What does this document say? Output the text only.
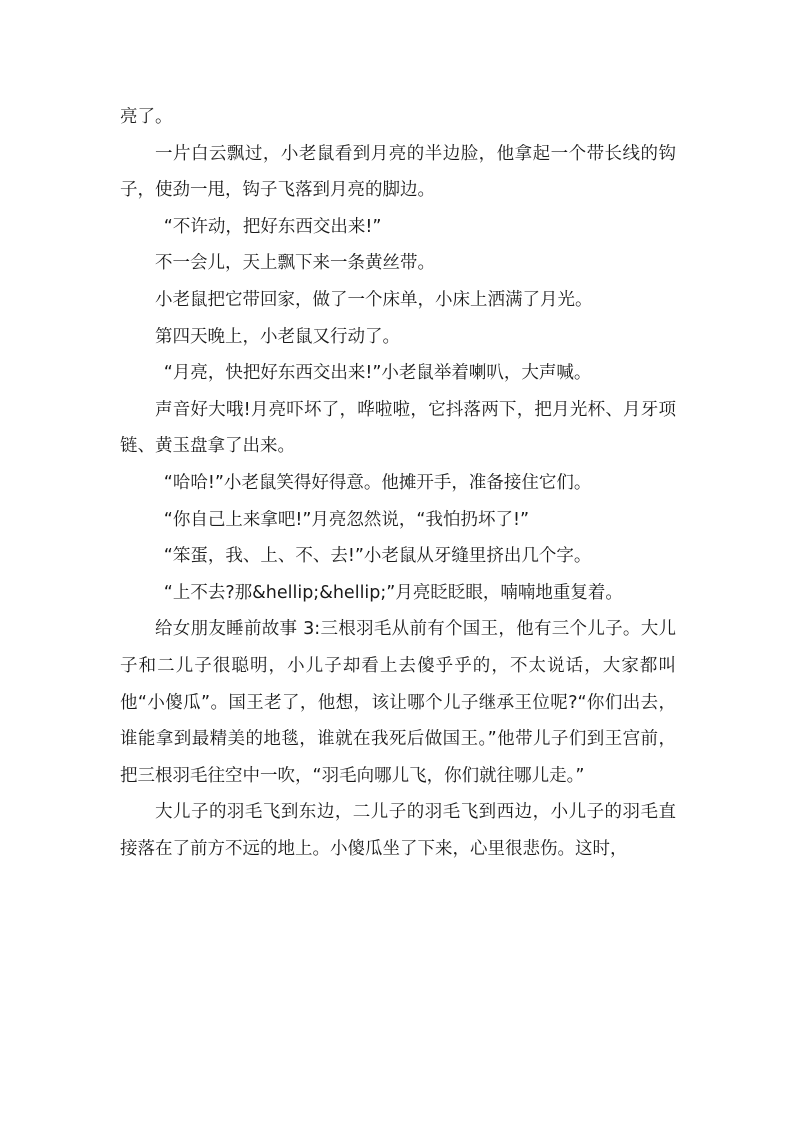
亮了。

一片白云飘过，小老鼠看到月亮的半边脸，他拿起一个带长线的钩子，使劲一甩，钩子飞落到月亮的脚边。

“不许动，把好东西交出来!”

不一会儿，天上飘下来一条黄丝带。

小老鼠把它带回家，做了一个床单，小床上洒满了月光。

第四天晚上，小老鼠又行动了。

“月亮，快把好东西交出来!”小老鼠举着喇叭，大声喊。

声音好大哦!月亮吓坏了，哗啦啦，它抖落两下，把月光杯、月牙项链、黄玉盘拿了出来。

“哈哈!”小老鼠笑得好得意。他摊开手，准备接住它们。

“你自己上来拿吧!”月亮忽然说，“我怕扔坏了!”

“笨蛋，我、上、不、去!”小老鼠从牙缝里挤出几个字。

“上不去?那&hellip;&hellip;”月亮眨眨眼，喃喃地重复着。

给女朋友睡前故事 3:三根羽毛从前有个国王，他有三个儿子。大儿子和二儿子很聪明，小儿子却看上去傻乎乎的，不太说话，大家都叫他“小傻瓜”。国王老了，他想，该让哪个儿子继承王位呢?“你们出去，谁能拿到最精美的地毯，谁就在我死后做国王。”他带儿子们到王宫前，把三根羽毛往空中一吹，“羽毛向哪儿飞，你们就往哪儿走。”

大儿子的羽毛飞到东边，二儿子的羽毛飞到西边，小儿子的羽毛直接落在了前方不远的地上。小傻瓜坐了下来，心里很悲伤。这时，
